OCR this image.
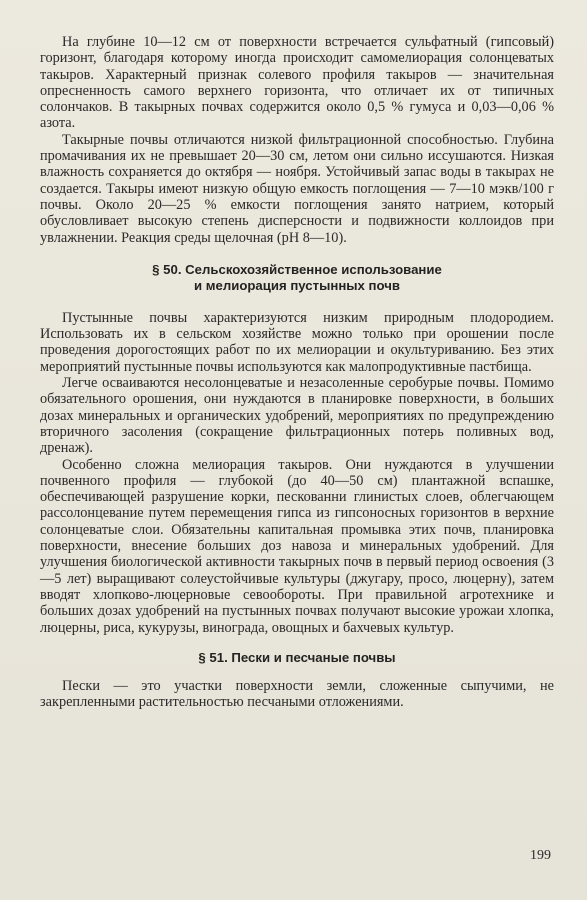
На глубине 10—12 см от поверхности встречается сульфатный (гипсовый) горизонт, благодаря которому иногда происходит самомелиорация солонцеватых такыров. Характерный признак солевого профиля такыров — значительная опресненность самого верхнего горизонта, что отличает их от типичных солончаков. В такырных почвах содержится около 0,5 % гумуса и 0,03—0,06 % азота.

Такырные почвы отличаются низкой фильтрационной способностью. Глубина промачивания их не превышает 20—30 см, летом они сильно иссушаются. Низкая влажность сохраняется до октября — ноября. Устойчивый запас воды в такырах не создается. Такыры имеют низкую общую емкость поглощения — 7—10 мэкв/100 г почвы. Около 20—25 % емкости поглощения занято натрием, который обусловливает высокую степень дисперсности и подвижности коллоидов при увлажнении. Реакция среды щелочная (pH 8—10).

§ 50. Сельскохозяйственное использование
и мелиорация пустынных почв

Пустынные почвы характеризуются низким природным плодородием. Использовать их в сельском хозяйстве можно только при орошении после проведения дорогостоящих работ по их мелиорации и окультуриванию. Без этих мероприятий пустынные почвы используются как малопродуктивные пастбища.

Легче осваиваются несолонцеватые и незасоленные серобурые почвы. Помимо обязательного орошения, они нуждаются в планировке поверхности, в больших дозах минеральных и органических удобрений, мероприятиях по предупреждению вторичного засоления (сокращение фильтрационных потерь поливных вод, дренаж).

Особенно сложна мелиорация такыров. Они нуждаются в улучшении почвенного профиля — глубокой (до 40—50 см) плантажной вспашке, обеспечивающей разрушение корки, пескованни глинистых слоев, облегчающем рассолонцевание путем перемещения гипса из гипсоносных горизонтов в верхние солонцеватые слои. Обязательны капитальная промывка этих почв, планировка поверхности, внесение больших доз навоза и минеральных удобрений. Для улучшения биологической активности такырных почв в первый период освоения (3—5 лет) выращивают солеустойчивые культуры (джугару, просо, люцерну), затем вводят хлопково-люцерновые севообороты. При правильной агротехнике и больших дозах удобрений на пустынных почвах получают высокие урожаи хлопка, люцерны, риса, кукурузы, винограда, овощных и бахчевых культур.

§ 51. Пески и песчаные почвы

Пески — это участки поверхности земли, сложенные сыпучими, не закрепленными растительностью песчаными отложениями.

199
